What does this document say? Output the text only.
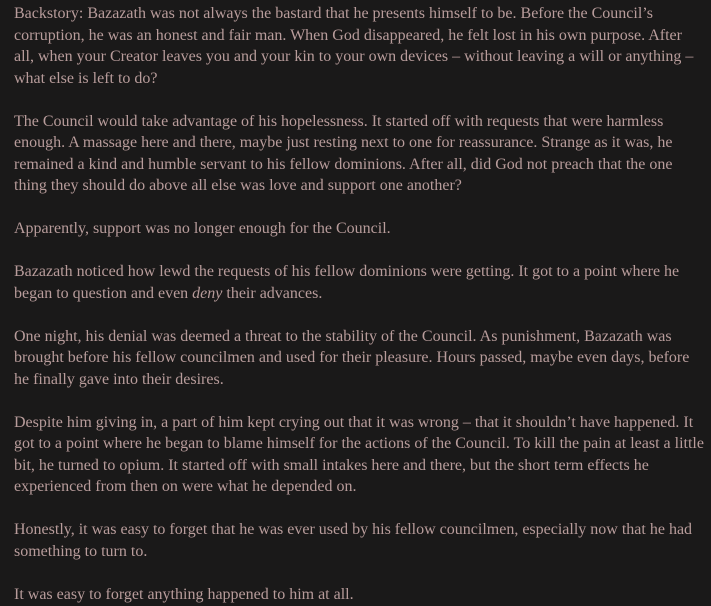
Backstory: Bazazath was not always the bastard that he presents himself to be. Before the Council’s corruption, he was an honest and fair man. When God disappeared, he felt lost in his own purpose. After all, when your Creator leaves you and your kin to your own devices – without leaving a will or anything – what else is left to do?

The Council would take advantage of his hopelessness. It started off with requests that were harmless enough. A massage here and there, maybe just resting next to one for reassurance. Strange as it was, he remained a kind and humble servant to his fellow dominions. After all, did God not preach that the one thing they should do above all else was love and support one another?

Apparently, support was no longer enough for the Council.

Bazazath noticed how lewd the requests of his fellow dominions were getting. It got to a point where he began to question and even deny their advances.

One night, his denial was deemed a threat to the stability of the Council. As punishment, Bazazath was brought before his fellow councilmen and used for their pleasure. Hours passed, maybe even days, before he finally gave into their desires.

Despite him giving in, a part of him kept crying out that it was wrong – that it shouldn’t have happened. It got to a point where he began to blame himself for the actions of the Council. To kill the pain at least a little bit, he turned to opium. It started off with small intakes here and there, but the short term effects he experienced from then on were what he depended on.

Honestly, it was easy to forget that he was ever used by his fellow councilmen, especially now that he had something to turn to.

It was easy to forget anything happened to him at all.
